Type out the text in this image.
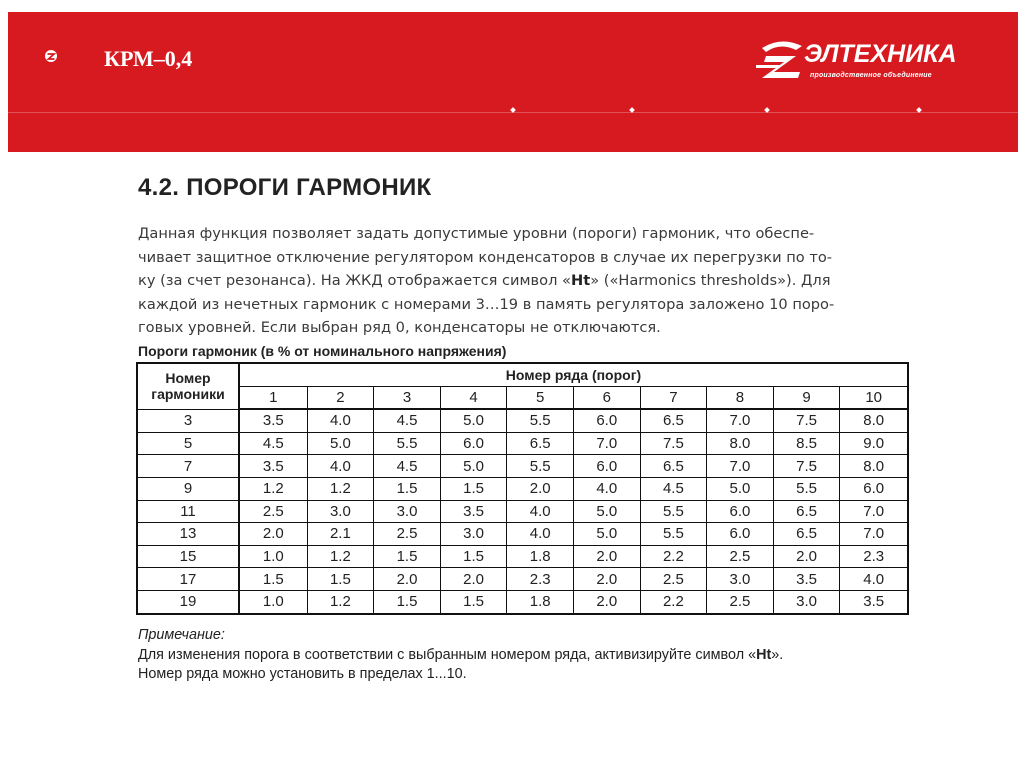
КРМ–0,4	ЭЛТЕХНИКА
производственное объединение
4.2. ПОРОГИ ГАРМОНИК
Данная функция позволяет задать допустимые уровни (пороги) гармоник, что обеспе-
чивает защитное отключение регулятором конденсаторов в случае их перегрузки по то-
ку (за счет резонанса). На ЖКД отображается символ «Ht» («Harmonics thresholds»). Для
каждой из нечетных гармоник с номерами 3…19 в память регулятора заложено 10 поро-
говых уровней. Если выбран ряд 0, конденсаторы не отключаются.
Пороги гармоник (в % от номинального напряжения)
Номер
гармоники	Номер ряда (порог)									
	1	2	3	4	5	6	7	8	9	10
3	3.5	4.0	4.5	5.0	5.5	6.0	6.5	7.0	7.5	8.0
5	4.5	5.0	5.5	6.0	6.5	7.0	7.5	8.0	8.5	9.0
7	3.5	4.0	4.5	5.0	5.5	6.0	6.5	7.0	7.5	8.0
9	1.2	1.2	1.5	1.5	2.0	4.0	4.5	5.0	5.5	6.0
11	2.5	3.0	3.0	3.5	4.0	5.0	5.5	6.0	6.5	7.0
13	2.0	2.1	2.5	3.0	4.0	5.0	5.5	6.0	6.5	7.0
15	1.0	1.2	1.5	1.5	1.8	2.0	2.2	2.5	2.0	2.3
17	1.5	1.5	2.0	2.0	2.3	2.0	2.5	3.0	3.5	4.0
19	1.0	1.2	1.5	1.5	1.8	2.0	2.2	2.5	3.0	3.5
Примечание:
Для изменения порога в соответствии с выбранным номером ряда, активизируйте символ «Ht».
Номер ряда можно установить в пределах 1...10.
